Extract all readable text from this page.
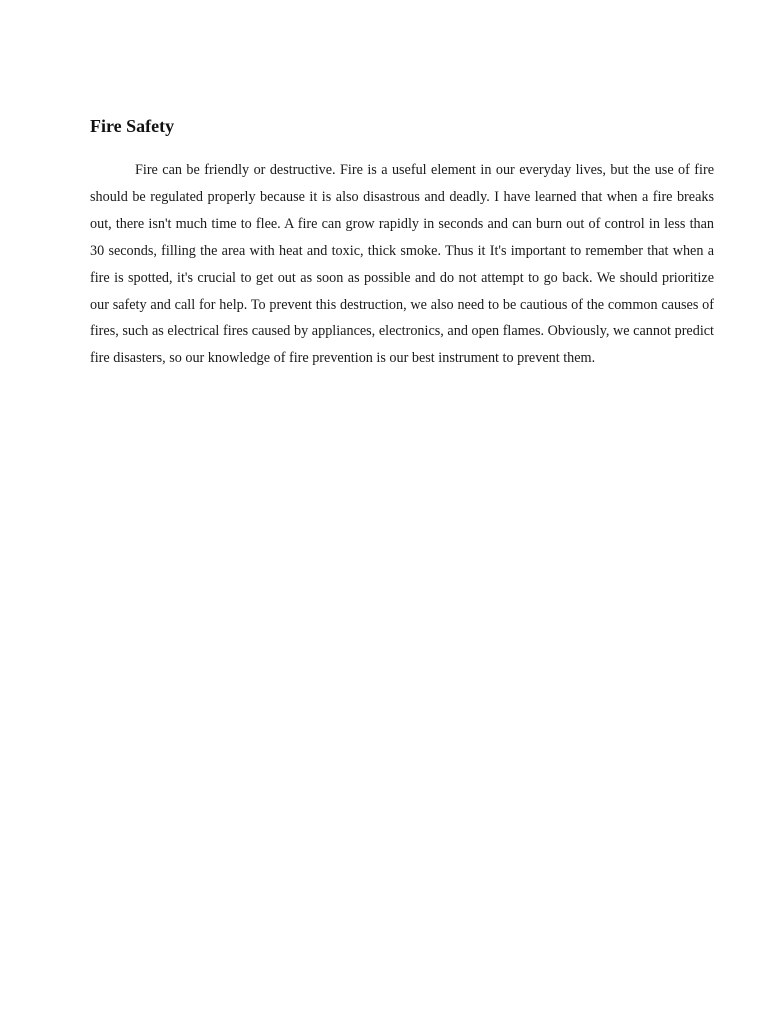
Fire Safety

Fire can be friendly or destructive. Fire is a useful element in our everyday lives, but the use of fire should be regulated properly because it is also disastrous and deadly. I have learned that when a fire breaks out, there isn't much time to flee. A fire can grow rapidly in seconds and can burn out of control in less than 30 seconds, filling the area with heat and toxic, thick smoke. Thus it It's important to remember that when a fire is spotted, it's crucial to get out as soon as possible and do not attempt to go back. We should prioritize our safety and call for help. To prevent this destruction, we also need to be cautious of the common causes of fires, such as electrical fires caused by appliances, electronics, and open flames. Obviously, we cannot predict fire disasters, so our knowledge of fire prevention is our best instrument to prevent them.
